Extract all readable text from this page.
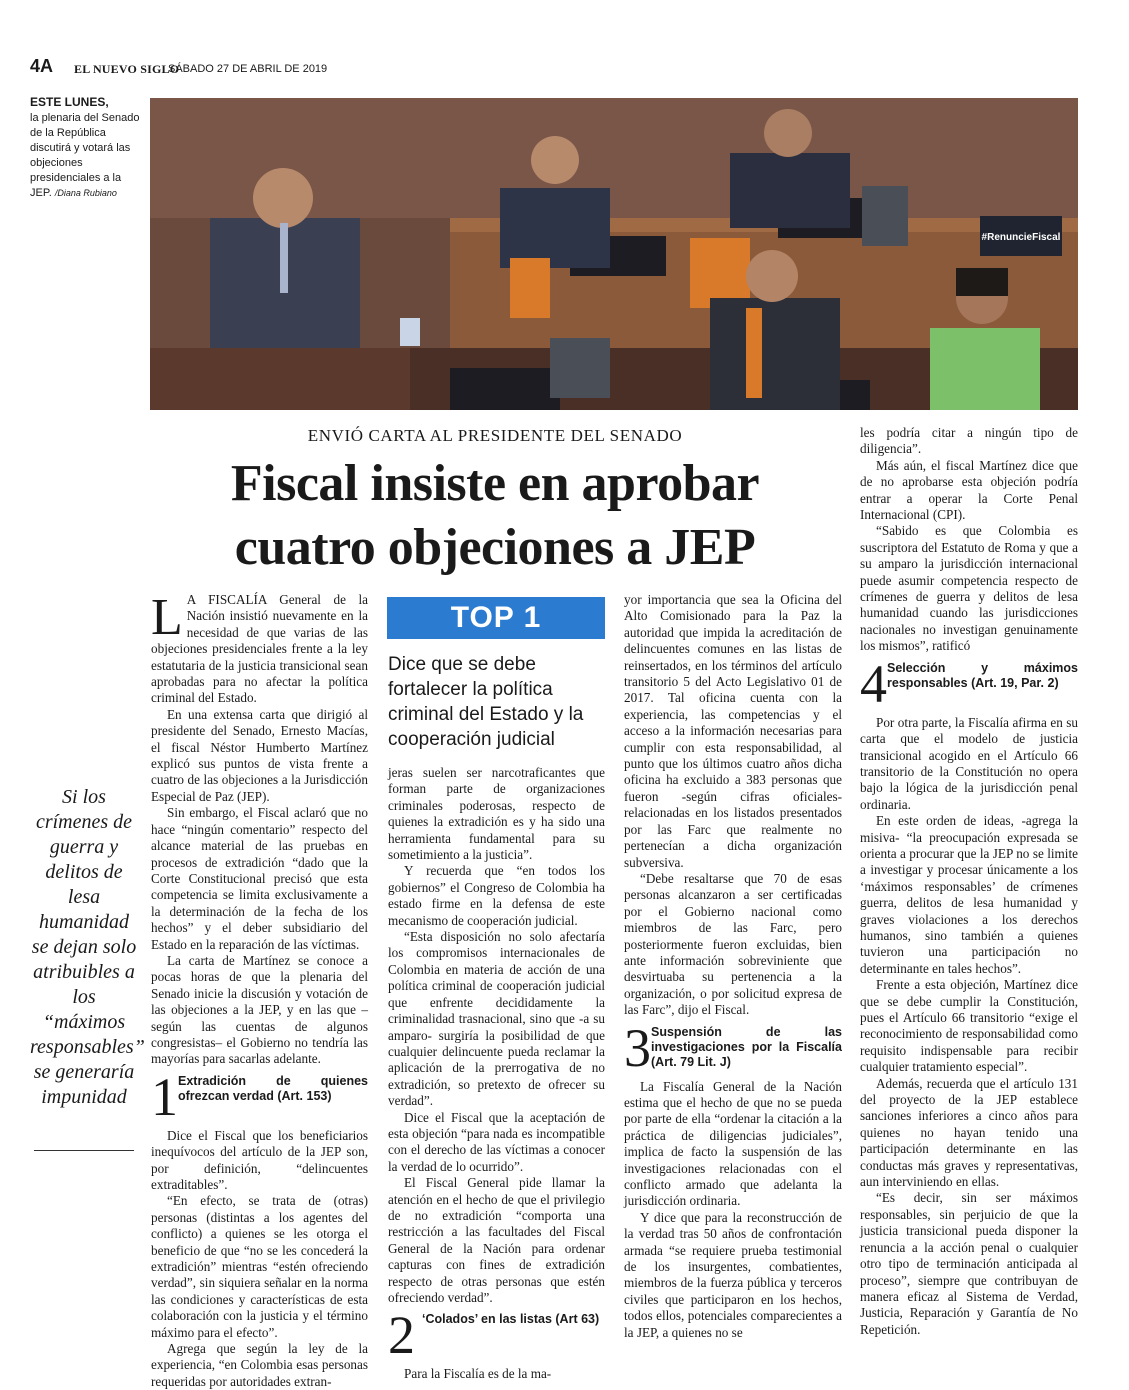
4A EL NUEVO SIGLO
SÁBADO 27 DE ABRIL DE 2019
ESTE LUNES,
la plenaria del Senado de la República discutirá y votará las objeciones presidenciales a la JEP. /Diana Rubiano
#RenuncieFiscal
ENVIÓ CARTA AL PRESIDENTE DEL SENADO
Fiscal insiste en aprobar
cuatro objeciones a JEP
Si los crímenes de guerra y delitos de lesa humanidad se dejan solo atribuibles a los “máximos responsables” se generaría impunidad

L A FISCALÍA General de la Nación insistió nuevamente en la necesidad de que varias de las objeciones presidenciales frente a la ley estatutaria de la justicia transicional sean aprobadas para no afectar la política criminal del Estado.

En una extensa carta que dirigió al presidente del Senado, Ernesto Macías, el fiscal Néstor Humberto Martínez explicó sus puntos de vista frente a cuatro de las objeciones a la Jurisdicción Especial de Paz (JEP).

Sin embargo, el Fiscal aclaró que no hace “ningún comentario” respecto del alcance material de las pruebas en procesos de extradición “dado que la Corte Constitucional precisó que esta competencia se limita exclusivamente a la determinación de la fecha de los hechos” y el deber subsidiario del Estado en la reparación de las víctimas.

La carta de Martínez se conoce a pocas horas de que la plenaria del Senado inicie la discusión y votación de las objeciones a la JEP, y en las que –según las cuentas de algunos congresistas– el Gobierno no tendría las mayorías para sacarlas adelante.

1 Extradición de quienes ofrezcan verdad (Art. 153)

Dice el Fiscal que los beneficiarios inequívocos del artículo de la JEP son, por definición, “delincuentes extraditables”.

“En efecto, se trata de (otras) personas (distintas a los agentes del conflicto) a quienes se les otorga el beneficio de que “no se les concederá la extradición” mientras “estén ofreciendo verdad”, sin siquiera señalar en la norma las condiciones y características de esta colaboración con la justicia y el término máximo para el efecto”.

Agrega que según la ley de la experiencia, “en Colombia esas personas requeridas por autoridades extran-

TOP 1
Dice que se debe fortalecer la política criminal del Estado y la cooperación judicial

jeras suelen ser narcotraficantes que forman parte de organizaciones criminales poderosas, respecto de quienes la extradición es y ha sido una herramienta fundamental para su sometimiento a la justicia”.

Y recuerda que “en todos los gobiernos” el Congreso de Colombia ha estado firme en la defensa de este mecanismo de cooperación judicial.

“Esta disposición no solo afectaría los compromisos internacionales de Colombia en materia de acción de una política criminal de cooperación judicial que enfrente decididamente la criminalidad trasnacional, sino que -a su amparo- surgiría la posibilidad de que cualquier delincuente pueda reclamar la aplicación de la prerrogativa de no extradición, so pretexto de ofrecer su verdad”.

Dice el Fiscal que la aceptación de esta objeción “para nada es incompatible con el derecho de las víctimas a conocer la verdad de lo ocurrido”.

El Fiscal General pide llamar la atención en el hecho de que el privilegio de no extradición “comporta una restricción a las facultades del Fiscal General de la Nación para ordenar capturas con fines de extradición respecto de otras personas que estén ofreciendo verdad”.

2 ‘Colados’ en las listas (Art 63)

Para la Fiscalía es de la ma-

yor importancia que sea la Oficina del Alto Comisionado para la Paz la autoridad que impida la acreditación de delincuentes comunes en las listas de reinsertados, en los términos del artículo transitorio 5 del Acto Legislativo 01 de 2017. Tal oficina cuenta con la experiencia, las competencias y el acceso a la información necesarias para cumplir con esta responsabilidad, al punto que los últimos cuatro años dicha oficina ha excluido a 383 personas que fueron -según cifras oficiales- relacionadas en los listados presentados por las Farc que realmente no pertenecían a dicha organización subversiva.

“Debe resaltarse que 70 de esas personas alcanzaron a ser certificadas por el Gobierno nacional como miembros de las Farc, pero posteriormente fueron excluidas, bien ante información sobreviniente que desvirtuaba su pertenencia a la organización, o por solicitud expresa de las Farc”, dijo el Fiscal.

3 Suspensión de las investigaciones por la Fiscalía (Art. 79 Lit. J)

La Fiscalía General de la Nación estima que el hecho de que no se pueda por parte de ella “ordenar la citación a la práctica de diligencias judiciales”, implica de facto la suspensión de las investigaciones relacionadas con el conflicto armado que adelanta la jurisdicción ordinaria.

Y dice que para la reconstrucción de la verdad tras 50 años de confrontación armada “se requiere prueba testimonial de los insurgentes, combatientes, miembros de la fuerza pública y terceros civiles que participaron en los hechos, todos ellos, potenciales comparecientes a la JEP, a quienes no se

les podría citar a ningún tipo de diligencia”.

Más aún, el fiscal Martínez dice que de no aprobarse esta objeción podría entrar a operar la Corte Penal Internacional (CPI).

“Sabido es que Colombia es suscriptora del Estatuto de Roma y que a su amparo la jurisdicción internacional puede asumir competencia respecto de crímenes de guerra y delitos de lesa humanidad cuando las jurisdicciones nacionales no investigan genuinamente los mismos”, ratificó

4 Selección y máximos responsables (Art. 19, Par. 2)

Por otra parte, la Fiscalía afirma en su carta que el modelo de justicia transicional acogido en el Artículo 66 transitorio de la Constitución no opera bajo la lógica de la jurisdicción penal ordinaria.

En este orden de ideas, -agrega la misiva- “la preocupación expresada se orienta a procurar que la JEP no se limite a investigar y procesar únicamente a los ‘máximos responsables’ de crímenes guerra, delitos de lesa humanidad y graves violaciones a los derechos humanos, sino también a quienes tuvieron una participación no determinante en tales hechos”.

Frente a esta objeción, Martínez dice que se debe cumplir la Constitución, pues el Artículo 66 transitorio “exige el reconocimiento de responsabilidad como requisito indispensable para recibir cualquier tratamiento especial”.

Además, recuerda que el artículo 131 del proyecto de la JEP establece sanciones inferiores a cinco años para quienes no hayan tenido una participación determinante en las conductas más graves y representativas, aun interviniendo en ellas.

“Es decir, sin ser máximos responsables, sin perjuicio de que la justicia transicional pueda disponer la renuncia a la acción penal o cualquier otro tipo de terminación anticipada al proceso”, siempre que contribuyan de manera eficaz al Sistema de Verdad, Justicia, Reparación y Garantía de No Repetición.
